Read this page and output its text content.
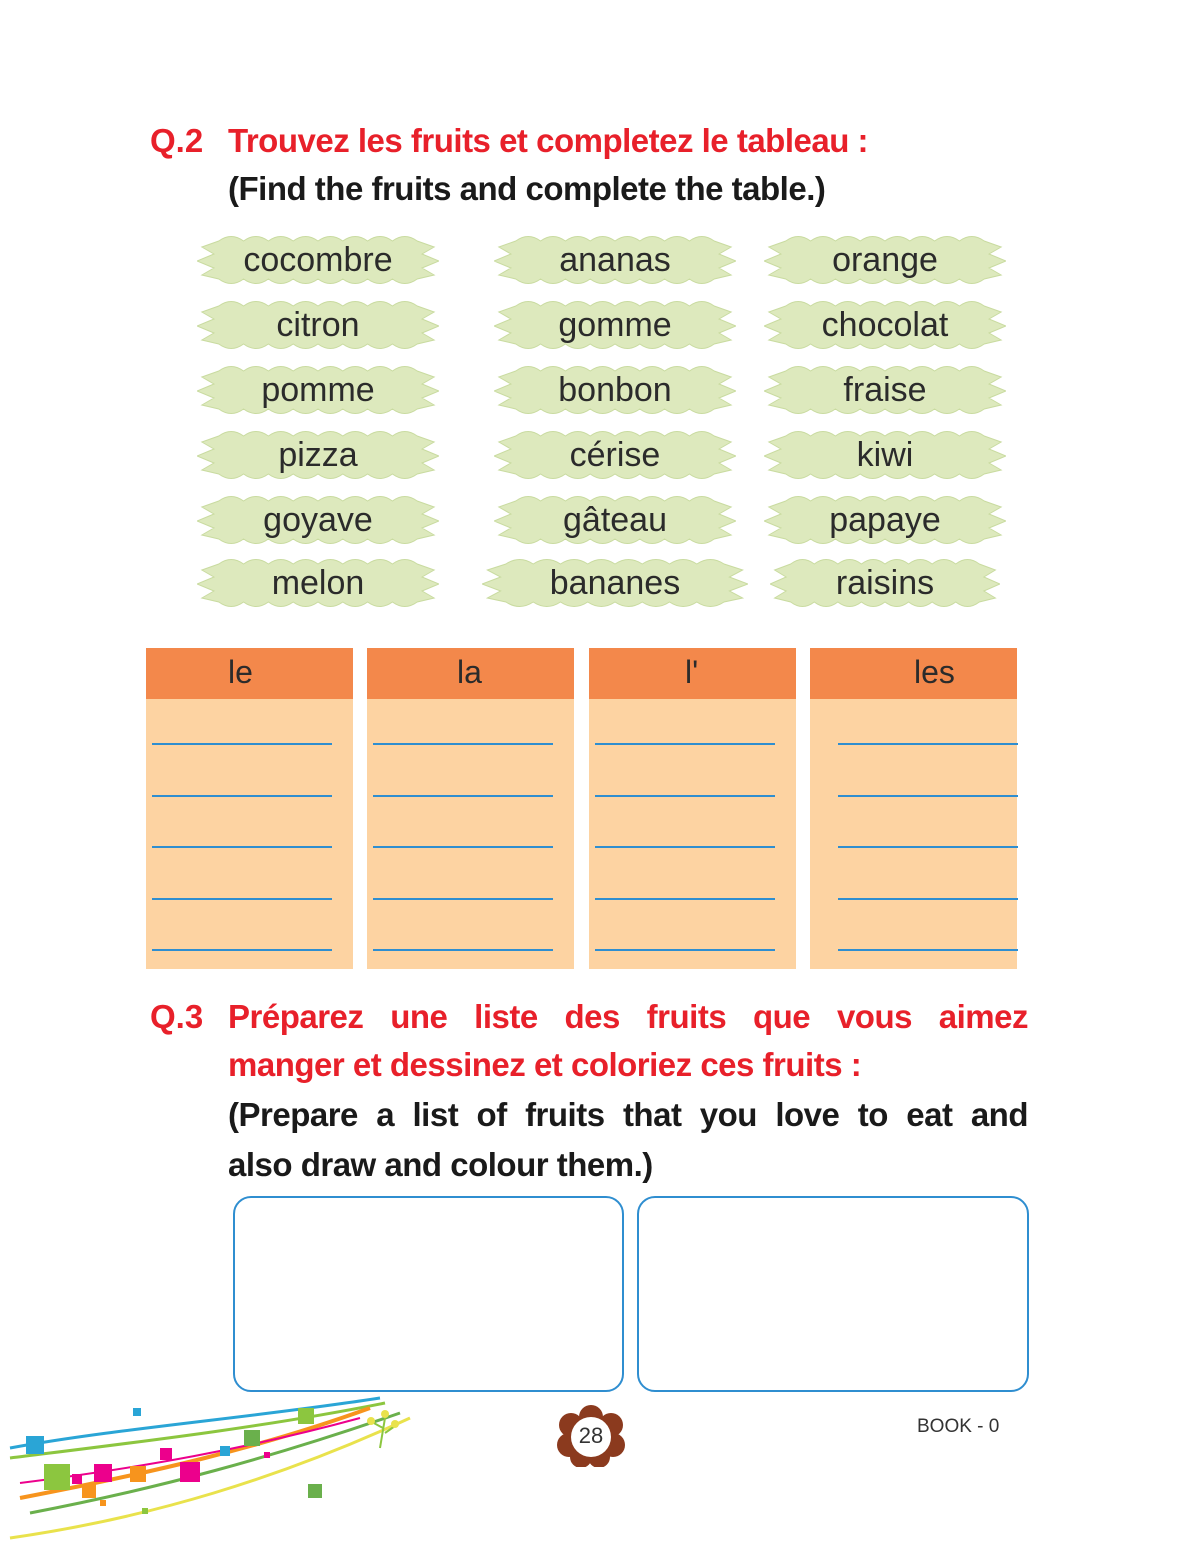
Q.2 Trouvez les fruits et completez le tableau :

(Find the fruits and complete the table.)

cocombre	ananas	orange
citron	gomme	chocolat
pomme	bonbon	fraise
pizza	cérise	kiwi
goyave	gâteau	papaye
melon	bananes	raisins
le	la	l'	les
Q.3 Préparez une liste des fruits que vous aimez

manger et dessinez et coloriez ces fruits :

(Prepare a list of fruits that you love to eat and

also draw and colour them.)

28	BOOK - 0
